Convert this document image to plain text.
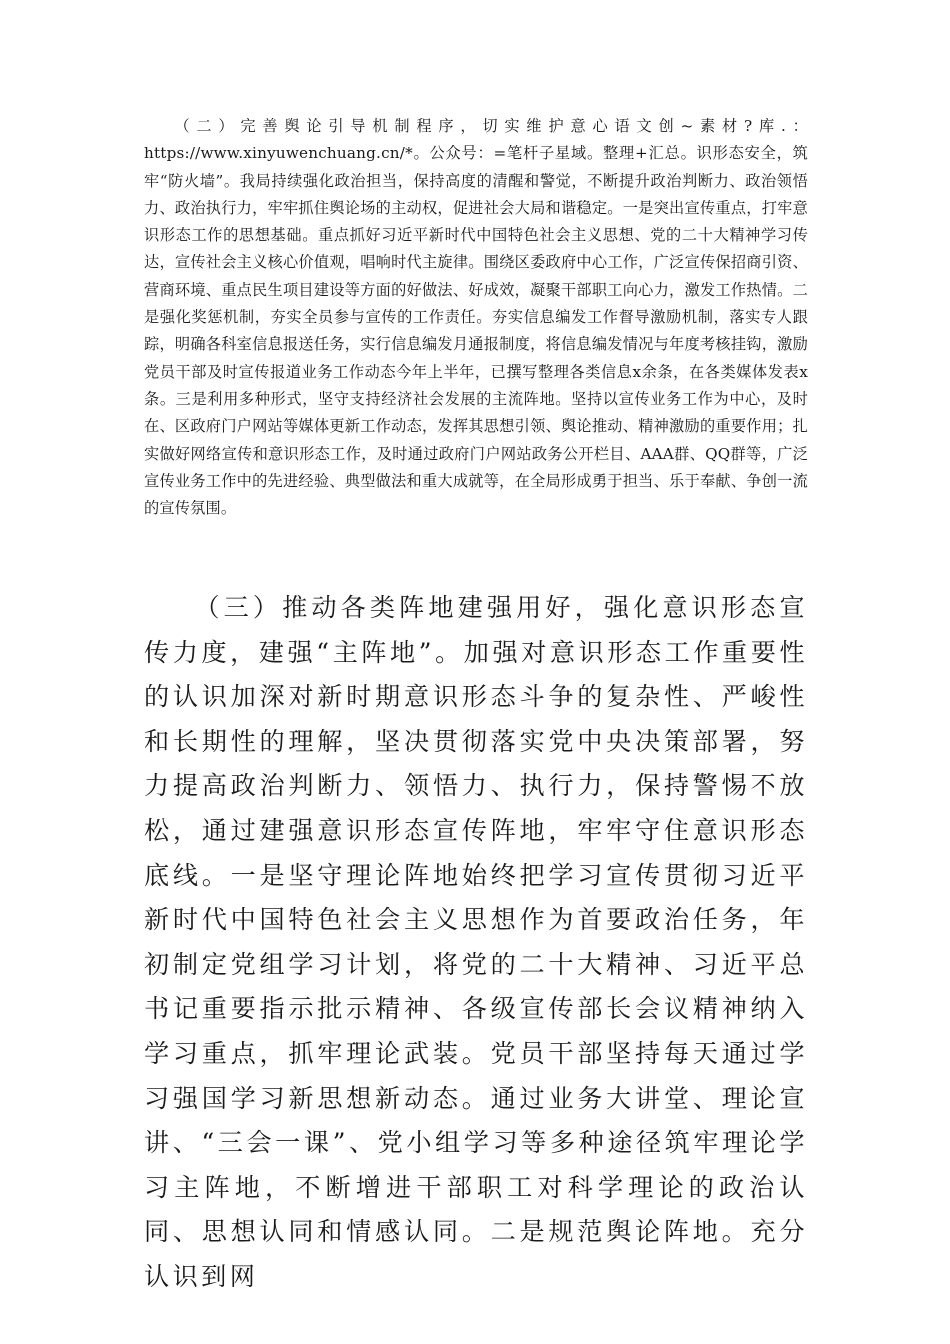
（二）完善舆论引导机制程序，切实维护意心语文创~素材?库.：https://www.xinyuwenchuang.cn/*。公众号：=笔杆子星域。整理+汇总。识形态安全，筑牢“防火墙”。我局持续强化政治担当，保持高度的清醒和警觉，不断提升政治判断力、政治领悟力、政治执行力，牢牢抓住舆论场的主动权，促进社会大局和谐稳定。一是突出宣传重点，打牢意识形态工作的思想基础。重点抓好习近平新时代中国特色社会主义思想、党的二十大精神学习传达，宣传社会主义核心价值观，唱响时代主旋律。围绕区委政府中心工作，广泛宣传保招商引资、营商环境、重点民生项目建设等方面的好做法、好成效，凝聚干部职工向心力，激发工作热情。二是强化奖惩机制，夯实全员参与宣传的工作责任。夯实信息编发工作督导激励机制，落实专人跟踪，明确各科室信息报送任务，实行信息编发月通报制度，将信息编发情况与年度考核挂钩，激励党员干部及时宣传报道业务工作动态今年上半年，已撰写整理各类信息x余条，在各类媒体发表x条。三是利用多种形式，坚守支持经济社会发展的主流阵地。坚持以宣传业务工作为中心，及时在、区政府门户网站等媒体更新工作动态，发挥其思想引领、舆论推动、精神激励的重要作用；扎实做好网络宣传和意识形态工作，及时通过政府门户网站政务公开栏目、AAA群、QQ群等，广泛宣传业务工作中的先进经验、典型做法和重大成就等，在全局形成勇于担当、乐于奉献、争创一流的宣传氛围。

（三）推动各类阵地建强用好，强化意识形态宣传力度，建强“主阵地”。加强对意识形态工作重要性的认识加深对新时期意识形态斗争的复杂性、严峻性和长期性的理解，坚决贯彻落实党中央决策部署，努力提高政治判断力、领悟力、执行力，保持警惕不放松，通过建强意识形态宣传阵地，牢牢守住意识形态底线。一是坚守理论阵地始终把学习宣传贯彻习近平新时代中国特色社会主义思想作为首要政治任务，年初制定党组学习计划，将党的二十大精神、习近平总书记重要指示批示精神、各级宣传部长会议精神纳入学习重点，抓牢理论武装。党员干部坚持每天通过学习强国学习新思想新动态。通过业务大讲堂、理论宣讲、“三会一课”、党小组学习等多种途径筑牢理论学习主阵地，不断增进干部职工对科学理论的政治认同、思想认同和情感认同。二是规范舆论阵地。充分认识到网
